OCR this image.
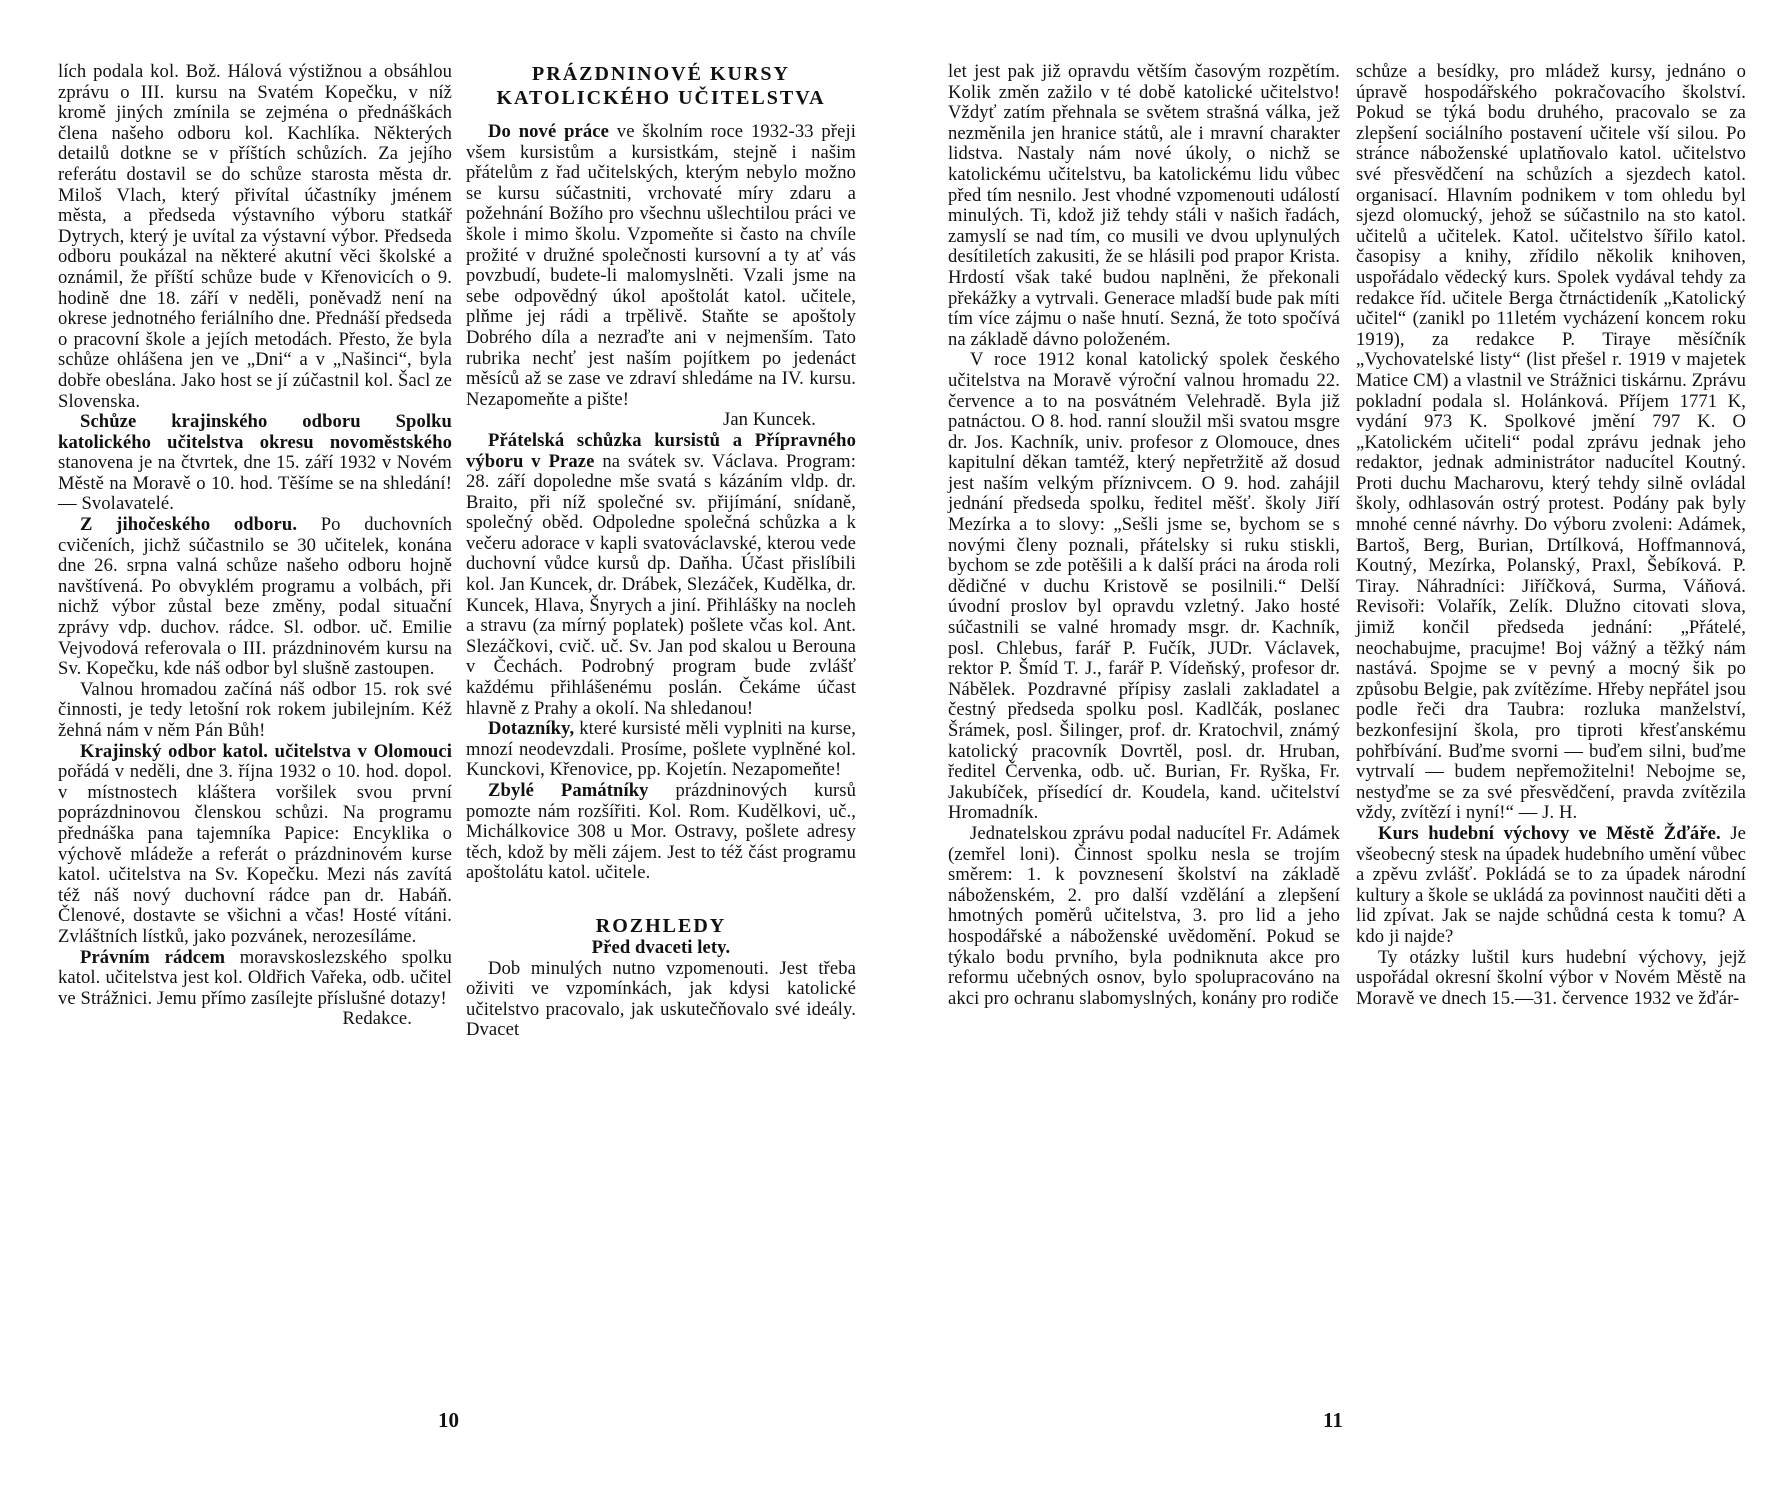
lích podala kol. Bož. Hálová výstižnou a obsáhlou zprávu o III. kursu na Svatém Kopečku, v níž kromě jiných zmínila se zejména o přednáškách člena našeho odboru kol. Kachlíka. Některých detailů dotkne se v příštích schůzích. Za jejího referátu dostavil se do schůze starosta města dr. Miloš Vlach, který přivítal účastníky jménem města, a předseda výstavního výboru statkář Dytrych, který je uvítal za výstavní výbor. Předseda odboru poukázal na některé akutní věci školské a oznámil, že příští schůze bude v Křenovicích o 9. hodině dne 18. září v neděli, poněvadž není na okrese jednotného feriálního dne. Přednáší předseda o pracovní škole a jejích metodách. Přesto, že byla schůze ohlášena jen ve „Dni“ a v „Našinci“, byla dobře obeslána. Jako host se jí zúčastnil kol. Šacl ze Slovenska.

Schůze krajinského odboru Spolku katolického učitelstva okresu novoměstského stanovena je na čtvrtek, dne 15. září 1932 v Novém Městě na Moravě o 10. hod. Těšíme se na shledání! — Svolavatelé.

Z jihočeského odboru. Po duchovních cvičeních, jichž súčastnilo se 30 učitelek, konána dne 26. srpna valná schůze našeho odboru hojně navštívená. Po obvyklém programu a volbách, při nichž výbor zůstal beze změny, podal situační zprávy vdp. duchov. rádce. Sl. odbor. uč. Emilie Vejvodová referovala o III. prázdninovém kursu na Sv. Kopečku, kde náš odbor byl slušně zastoupen.

Valnou hromadou začíná náš odbor 15. rok své činnosti, je tedy letošní rok rokem jubilejním. Kéž žehná nám v něm Pán Bůh!

Krajinský odbor katol. učitelstva v Olomouci pořádá v neděli, dne 3. října 1932 o 10. hod. dopol. v místnostech kláštera voršilek svou první poprázdninovou členskou schůzi. Na programu přednáška pana tajemníka Papice: Encyklika o výchově mládeže a referát o prázdninovém kurse katol. učitelstva na Sv. Kopečku. Mezi nás zavítá též náš nový duchovní rádce pan dr. Habáň. Členové, dostavte se všichni a včas! Hosté vítáni. Zvláštních lístků, jako pozvánek, nerozesíláme.

Právním rádcem moravskoslezského spolku katol. učitelstva jest kol. Oldřich Vařeka, odb. učitel ve Strážnici. Jemu přímo zasílejte příslušné dotazy!

Redakce.

PRÁZDNINOVÉ KURSY

KATOLICKÉHO UČITELSTVA

Do nové práce ve školním roce 1932-33 přeji všem kursistům a kursistkám, stejně i našim přátelům z řad učitelských, kterým nebylo možno se kursu súčastniti, vrchovaté míry zdaru a požehnání Božího pro všechnu ušlechtilou práci ve škole i mimo školu. Vzpomeňte si často na chvíle prožité v družné společnosti kursovní a ty ať vás povzbudí, budete-li malomyslněti. Vzali jsme na sebe odpovědný úkol apoštolát katol. učitele, plňme jej rádi a trpělivě. Staňte se apoštoly Dobrého díla a nezraďte ani v nejmenším. Tato rubrika nechť jest naším pojítkem po jedenáct měsíců až se zase ve zdraví shledáme na IV. kursu. Nezapomeňte a pište!

Jan Kuncek.

Přátelská schůzka kursistů a Přípravného výboru v Praze na svátek sv. Václava. Program: 28. září dopoledne mše svatá s kázáním vldp. dr. Braito, při níž společné sv. přijímání, snídaně, společný oběd. Odpoledne společná schůzka a k večeru adorace v kapli svatováclavské, kterou vede duchovní vůdce kursů dp. Daňha. Účast přislíbili kol. Jan Kuncek, dr. Drábek, Slezáček, Kudělka, dr. Kuncek, Hlava, Šnyrych a jiní. Přihlášky na nocleh a stravu (za mírný poplatek) pošlete včas kol. Ant. Slezáčkovi, cvič. uč. Sv. Jan pod skalou u Berouna v Čechách. Podrobný program bude zvlášť každému přihlášenému poslán. Čekáme účast hlavně z Prahy a okolí. Na shledanou!

Dotazníky, které kursisté měli vyplniti na kurse, mnozí neodevzdali. Prosíme, pošlete vyplněné kol. Kunckovi, Křenovice, pp. Kojetín. Nezapomeňte!

Zbylé Památníky prázdninových kursů pomozte nám rozšířiti. Kol. Rom. Kudělkovi, uč., Michálkovice 308 u Mor. Ostravy, pošlete adresy těch, kdož by měli zájem. Jest to též část programu apoštolátu katol. učitele.

ROZHLEDY

Před dvaceti lety.

Dob minulých nutno vzpomenouti. Jest třeba oživiti ve vzpomínkách, jak kdysi katolické učitelstvo pracovalo, jak uskutečňovalo své ideály. Dvacet

10

let jest pak již opravdu větším časovým rozpětím. Kolik změn zažilo v té době katolické učitelstvo! Vždyť zatím přehnala se světem strašná válka, jež nezměnila jen hranice států, ale i mravní charakter lidstva. Nastaly nám nové úkoly, o nichž se katolickému učitelstvu, ba katolickému lidu vůbec před tím nesnilo. Jest vhodné vzpomenouti událostí minulých. Ti, kdož již tehdy stáli v našich řadách, zamyslí se nad tím, co musili ve dvou uplynulých desítiletích zakusiti, že se hlásili pod prapor Krista. Hrdostí však také budou naplněni, že překonali překážky a vytrvali. Generace mladší bude pak míti tím více zájmu o naše hnutí. Sezná, že toto spočívá na základě dávno položeném.

V roce 1912 konal katolický spolek českého učitelstva na Moravě výroční valnou hromadu 22. července a to na posvátném Velehradě. Byla již patnáctou. O 8. hod. ranní sloužil mši svatou msgre dr. Jos. Kachník, univ. profesor z Olomouce, dnes kapitulní děkan tamtéž, který nepřetržitě až dosud jest naším velkým příznivcem. O 9. hod. zahájil jednání předseda spolku, ředitel měšť. školy Jiří Mezírka a to slovy: „Sešli jsme se, bychom se s novými členy poznali, přátelsky si ruku stiskli, bychom se zde potěšili a k další práci na ároda roli dědičné v duchu Kristově se posilnili.“ Delší úvodní proslov byl opravdu vzletný. Jako hosté súčastnili se valné hromady msgr. dr. Kachník, posl. Chlebus, farář P. Fučík, JUDr. Václavek, rektor P. Šmíd T. J., farář P. Vídeňský, profesor dr. Nábělek. Pozdravné přípisy zaslali zakladatel a čestný předseda spolku posl. Kadlčák, poslanec Šrámek, posl. Šilinger, prof. dr. Kratochvil, známý katolický pracovník Dovrtěl, posl. dr. Hruban, ředitel Červenka, odb. uč. Burian, Fr. Ryška, Fr. Jakubíček, přísedící dr. Koudela, kand. učitelství Hromadník.

Jednatelskou zprávu podal naducítel Fr. Adámek (zemřel loni). Činnost spolku nesla se trojím směrem: 1. k povznesení školství na základě náboženském, 2. pro další vzdělání a zlepšení hmotných poměrů učitelstva, 3. pro lid a jeho hospodářské a náboženské uvědomění. Pokud se týkalo bodu prvního, byla podniknuta akce pro reformu učebných osnov, bylo spolupracováno na akci pro ochranu slabomyslných, konány pro rodiče

schůze a besídky, pro mládež kursy, jednáno o úpravě hospodářského pokračovacího školství. Pokud se týká bodu druhého, pracovalo se za zlepšení sociálního postavení učitele vší silou. Po stránce náboženské uplatňovalo katol. učitelstvo své přesvědčení na schůzích a sjezdech katol. organisací. Hlavním podnikem v tom ohledu byl sjezd olomucký, jehož se súčastnilo na sto katol. učitelů a učitelek. Katol. učitelstvo šířilo katol. časopisy a knihy, zřídilo několik knihoven, uspořádalo vědecký kurs. Spolek vydával tehdy za redakce říd. učitele Berga čtrnáctideník „Katolický učitel“ (zanikl po 11letém vycházení koncem roku 1919), za redakce P. Tiraye měsíčník „Vychovatelské listy“ (list přešel r. 1919 v majetek Matice CM) a vlastnil ve Strážnici tiskárnu. Zprávu pokladní podala sl. Holánková. Příjem 1771 K, vydání 973 K. Spolkové jmění 797 K. O „Katolickém učiteli“ podal zprávu jednak jeho redaktor, jednak administrátor naducítel Koutný. Proti duchu Macharovu, který tehdy silně ovládal školy, odhlasován ostrý protest. Podány pak byly mnohé cenné návrhy. Do výboru zvoleni: Adámek, Bartoš, Berg, Burian, Drtílková, Hoffmannová, Koutný, Mezírka, Polanský, Praxl, Šebíková. P. Tiray. Náhradníci: Jiříčková, Surma, Váňová. Revisoři: Volařík, Zelík. Dlužno citovati slova, jimiž končil předseda jednání: „Přátelé, neochabujme, pracujme! Boj vážný a těžký nám nastává. Spojme se v pevný a mocný šik po způsobu Belgie, pak zvítězíme. Hřeby nepřátel jsou podle řeči dra Taubra: rozluka manželství, bezkonfesijní škola, pro tiproti křesťanskému pohřbívání. Buďme svorni — buďem silni, buďme vytrvalí — budem nepřemožitelni! Nebojme se, nestyďme se za své přesvědčení, pravda zvítězila vždy, zvítězí i nyní!“ — J. H.

Kurs hudební výchovy ve Městě Žďáře. Je všeobecný stesk na úpadek hudebního umění vůbec a zpěvu zvlášť. Pokládá se to za úpadek národní kultury a škole se ukládá za povinnost naučiti děti a lid zpívat. Jak se najde schůdná cesta k tomu? A kdo ji najde?

Ty otázky luštil kurs hudební výchovy, jejž uspořádal okresní školní výbor v Novém Městě na Moravě ve dnech 15.—31. července 1932 ve žďár-

11
